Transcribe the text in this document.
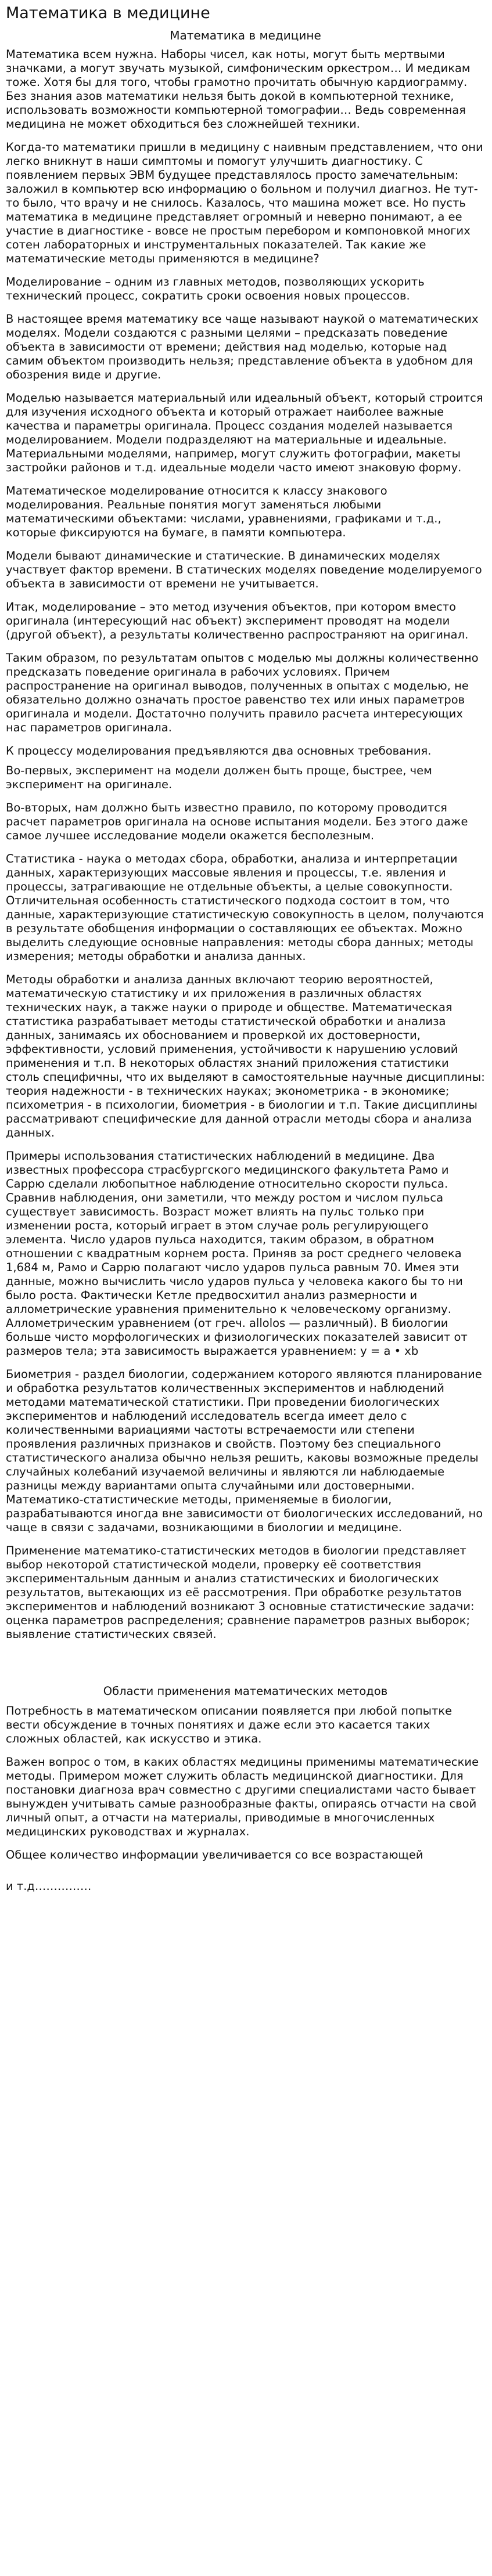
Математика в медицине
Математика в медицине

Математика всем нужна. Наборы чисел, как ноты, могут быть мертвыми значками, а могут звучать музыкой, симфоническим оркестром… И медикам тоже. Хотя бы для того, чтобы грамотно прочитать обычную кардиограмму. Без знания азов математики нельзя быть докой в компьютерной технике, использовать возможности компьютерной томографии… Ведь современная медицина не может обходиться без сложнейшей техники.

Когда-то математики пришли в медицину с наивным представлением, что они легко вникнут в наши симптомы и помогут улучшить диагностику. С появлением первых ЭВМ будущее представлялось просто замечательным: заложил в компьютер всю информацию о больном и получил диагноз. Не тут-то было, что врачу и не снилось. Казалось, что машина может все. Но пусть математика в медицине представляет огромный и неверно понимают, а ее участие в диагностике - вовсе не простым перебором и компоновкой многих сотен лабораторных и инструментальных показателей. Так какие же математические методы применяются в медицине?

Моделирование – одним из главных методов, позволяющих ускорить технический процесс, сократить сроки освоения новых процессов.

В настоящее время математику все чаще называют наукой о математических моделях. Модели создаются с разными целями – предсказать поведение объекта в зависимости от времени; действия над моделью, которые над самим объектом производить нельзя; представление объекта в удобном для обозрения виде и другие.

Моделью называется материальный или идеальный объект, который строится для изучения исходного объекта и который отражает наиболее важные качества и параметры оригинала. Процесс создания моделей называется моделированием. Модели подразделяют на материальные и идеальные. Материальными моделями, например, могут служить фотографии, макеты застройки районов и т.д. идеальные модели часто имеют знаковую форму.

Математическое моделирование относится к классу знакового моделирования. Реальные понятия могут заменяться любыми математическими объектами: числами, уравнениями, графиками и т.д., которые фиксируются на бумаге, в памяти компьютера.

Модели бывают динамические и статические. В динамических моделях участвует фактор времени. В статических моделях поведение моделируемого объекта в зависимости от времени не учитывается.

Итак, моделирование – это метод изучения объектов, при котором вместо оригинала (интересующий нас объект) эксперимент проводят на модели (другой объект), а результаты количественно распространяют на оригинал.

Таким образом, по результатам опытов с моделью мы должны количественно предсказать поведение оригинала в рабочих условиях. Причем распространение на оригинал выводов, полученных в опытах с моделью, не обязательно должно означать простое равенство тех или иных параметров оригинала и модели. Достаточно получить правило расчета интересующих нас параметров оригинала.

К процессу моделирования предъявляются два основных требования.

Во-первых, эксперимент на модели должен быть проще, быстрее, чем эксперимент на оригинале.

Во-вторых, нам должно быть известно правило, по которому проводится расчет параметров оригинала на основе испытания модели. Без этого даже самое лучшее исследование модели окажется бесполезным.

Статистика - наука о методах сбора, обработки, анализа и интерпретации данных, характеризующих массовые явления и процессы, т.е. явления и процессы, затрагивающие не отдельные объекты, а целые совокупности. Отличительная особенность статистического подхода состоит в том, что данные, характеризующие статистическую совокупность в целом, получаются в результате обобщения информации о составляющих ее объектах. Можно выделить следующие основные направления: методы сбора данных; методы измерения; методы обработки и анализа данных.

Методы обработки и анализа данных включают теорию вероятностей, математическую статистику и их приложения в различных областях технических наук, а также науки о природе и обществе. Математическая статистика разрабатывает методы статистической обработки и анализа данных, занимаясь их обоснованием и проверкой их достоверности, эффективности, условий применения, устойчивости к нарушению условий применения и т.п. В некоторых областях знаний приложения статистики столь специфичны, что их выделяют в самостоятельные научные дисциплины: теория надежности - в технических науках; эконометрика - в экономике; психометрия - в психологии, биометрия - в биологии и т.п. Такие дисциплины рассматривают специфические для данной отрасли методы сбора и анализа данных.

Примеры использования статистических наблюдений в медицине. Два известных профессора страсбургского медицинского факультета Рамо и Саррю сделали любопытное наблюдение относительно скорости пульса. Сравнив наблюдения, они заметили, что между ростом и числом пульса существует зависимость. Возраст может влиять на пульс только при изменении роста, который играет в этом случае роль регулирующего элемента. Число ударов пульса находится, таким образом, в обратном отношении с квадратным корнем роста. Приняв за рост среднего человека 1,684 м, Рамо и Саррю полагают число ударов пульса равным 70. Имея эти данные, можно вычислить число ударов пульса у человека какого бы то ни было роста. Фактически Кетле предвосхитил анализ размерности и аллометрические уравнения применительно к человеческому организму. Аллометрическим уравнением (от греч. allolos — различный). В биологии больше чисто морфологических и физиологических показателей зависит от размеров тела; эта зависимость выражается уравнением: у = a • xb

Биометрия - раздел биологии, содержанием которого являются планирование и обработка результатов количественных экспериментов и наблюдений методами математической статистики. При проведении биологических экспериментов и наблюдений исследователь всегда имеет дело с количественными вариациями частоты встречаемости или степени проявления различных признаков и свойств. Поэтому без специального статистического анализа обычно нельзя решить, каковы возможные пределы случайных колебаний изучаемой величины и являются ли наблюдаемые разницы между вариантами опыта случайными или достоверными. Математико-статистические методы, применяемые в биологии, разрабатываются иногда вне зависимости от биологических исследований, но чаще в связи с задачами, возникающими в биологии и медицине.

Применение математико-статистических методов в биологии представляет выбор некоторой статистической модели, проверку её соответствия экспериментальным данным и анализ статистических и биологических результатов, вытекающих из её рассмотрения. При обработке результатов экспериментов и наблюдений возникают 3 основные статистические задачи: оценка параметров распределения; сравнение параметров разных выборок; выявление статистических связей.

Области применения математических методов

Потребность в математическом описании появляется при любой попытке вести обсуждение в точных понятиях и даже если это касается таких сложных областей, как искусство и этика.

Важен вопрос о том, в каких областях медицины применимы математические методы. Примером может служить область медицинской диагностики. Для постановки диагноза врач совместно с другими специалистами часто бывает вынужден учитывать самые разнообразные факты, опираясь отчасти на свой личный опыт, а отчасти на материалы, приводимые в многочисленных медицинских руководствах и журналах.

Общее количество информации увеличивается со все возрастающей

и т.д……………
